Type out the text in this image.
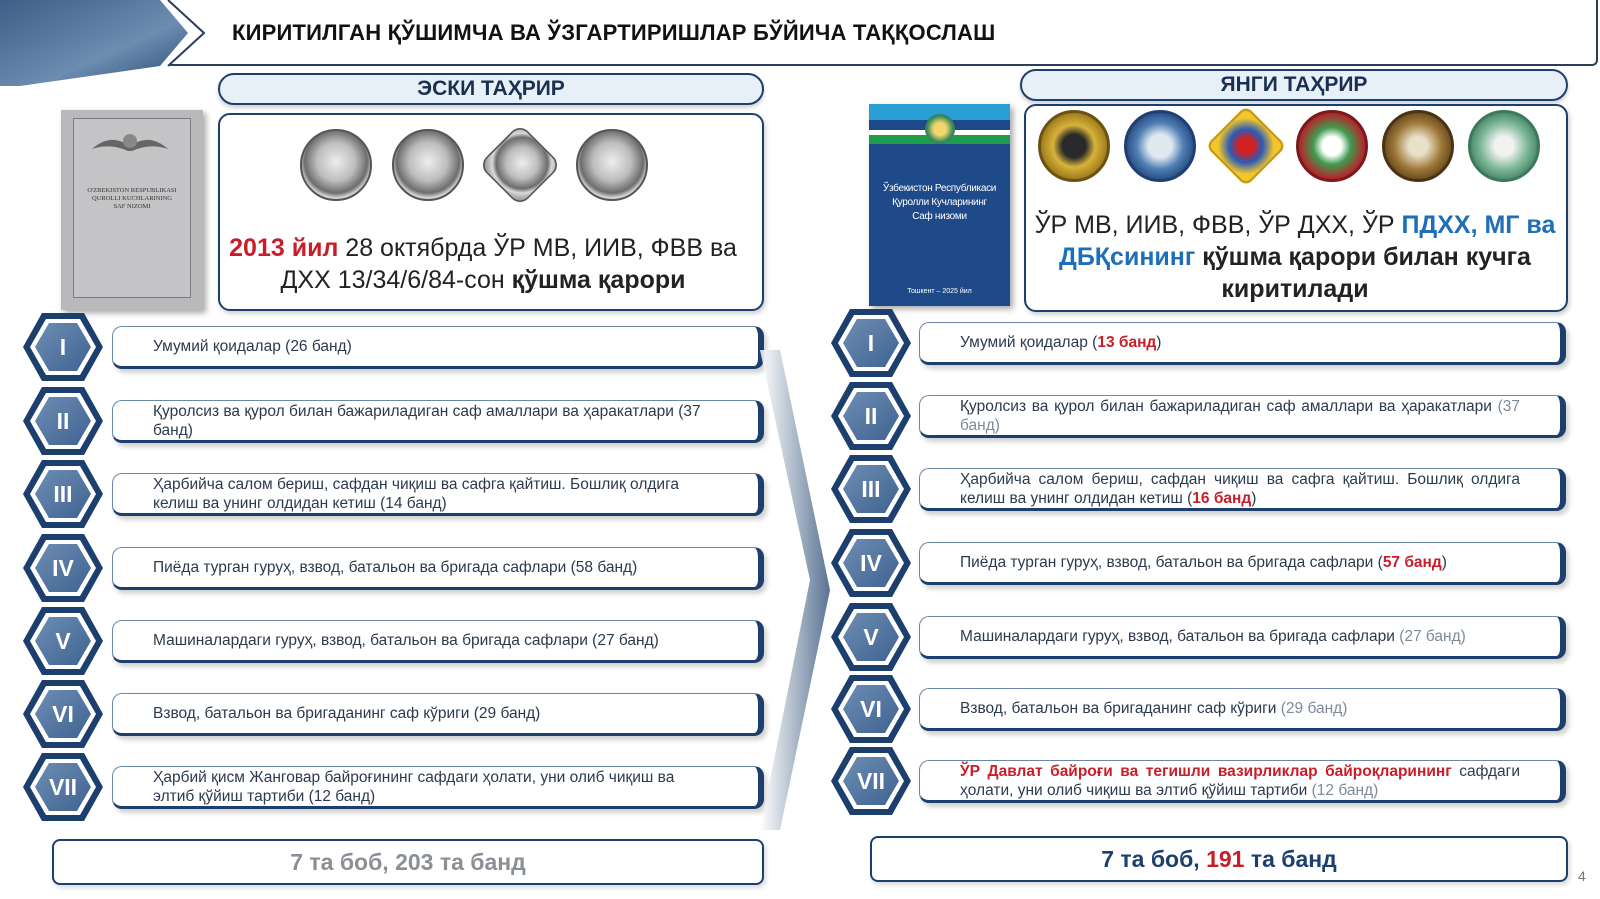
КИРИТИЛГАН ҚЎШИМЧА ВА ЎЗГАРТИРИШЛАР БЎЙИЧА ТАҚҚОСЛАШ
ЭСКИ ТАҲРИР	ЯНГИ ТАҲРИР
O'ZBEKISTON RESPUBLIKASI
QUROLLI KUCHLARINING
SAF NIZOMI
2013 йил 28 октябрда ЎР МВ, ИИВ, ФВВ ва ДХХ 13/34/6/84-сон қўшма қарори
Ўзбекистон Республикаси
Қуролли Кучларининг
Саф низоми
Тошкент – 2025 йил
ЎР МВ, ИИВ, ФВВ, ЎР ДХХ, ЎР ПДХХ, МГ ва ДБҚсининг қўшма қарори билан кучга киритилади
Умумий қоидалар (26 банд)
I
Қуролсиз ва қурол билан бажариладиган саф амаллари ва ҳаракатлари (37 банд)
II
Ҳарбийча салом бериш, сафдан чиқиш ва сафга қайтиш. Бошлиқ олдига келиш ва унинг олдидан кетиш (14 банд)
III
Пиёда турган гуруҳ, взвод, батальон ва бригада сафлари (58 банд)
IV
Машиналардаги гуруҳ, взвод, батальон ва бригада сафлари (27 банд)
V
Взвод, батальон ва бригаданинг саф кўриги (29 банд)
VI
Ҳарбий қисм Жанговар байроғининг сафдаги ҳолати, уни олиб чиқиш ва элтиб қўйиш тартиби (12 банд)
VII
Умумий қоидалар (13 банд)
I
Қуролсиз ва қурол билан бажариладиган саф амаллари ва ҳаракатлари (37 банд)
II
Ҳарбийча салом бериш, сафдан чиқиш ва сафга қайтиш. Бошлиқ олдига келиш ва унинг олдидан кетиш (16 банд)
III
Пиёда турган гуруҳ, взвод, батальон ва бригада сафлари (57 банд)
IV
Машиналардаги гуруҳ, взвод, батальон ва бригада сафлари (27 банд)
V
Взвод, батальон ва бригаданинг саф кўриги (29 банд)
VI
ЎР Давлат байроғи ва тегишли вазирликлар байроқларининг сафдаги ҳолати, уни олиб чиқиш ва элтиб қўйиш тартиби (12 банд)
VII
7 та боб, 203 та банд	7 та боб, 191 та банд
4
